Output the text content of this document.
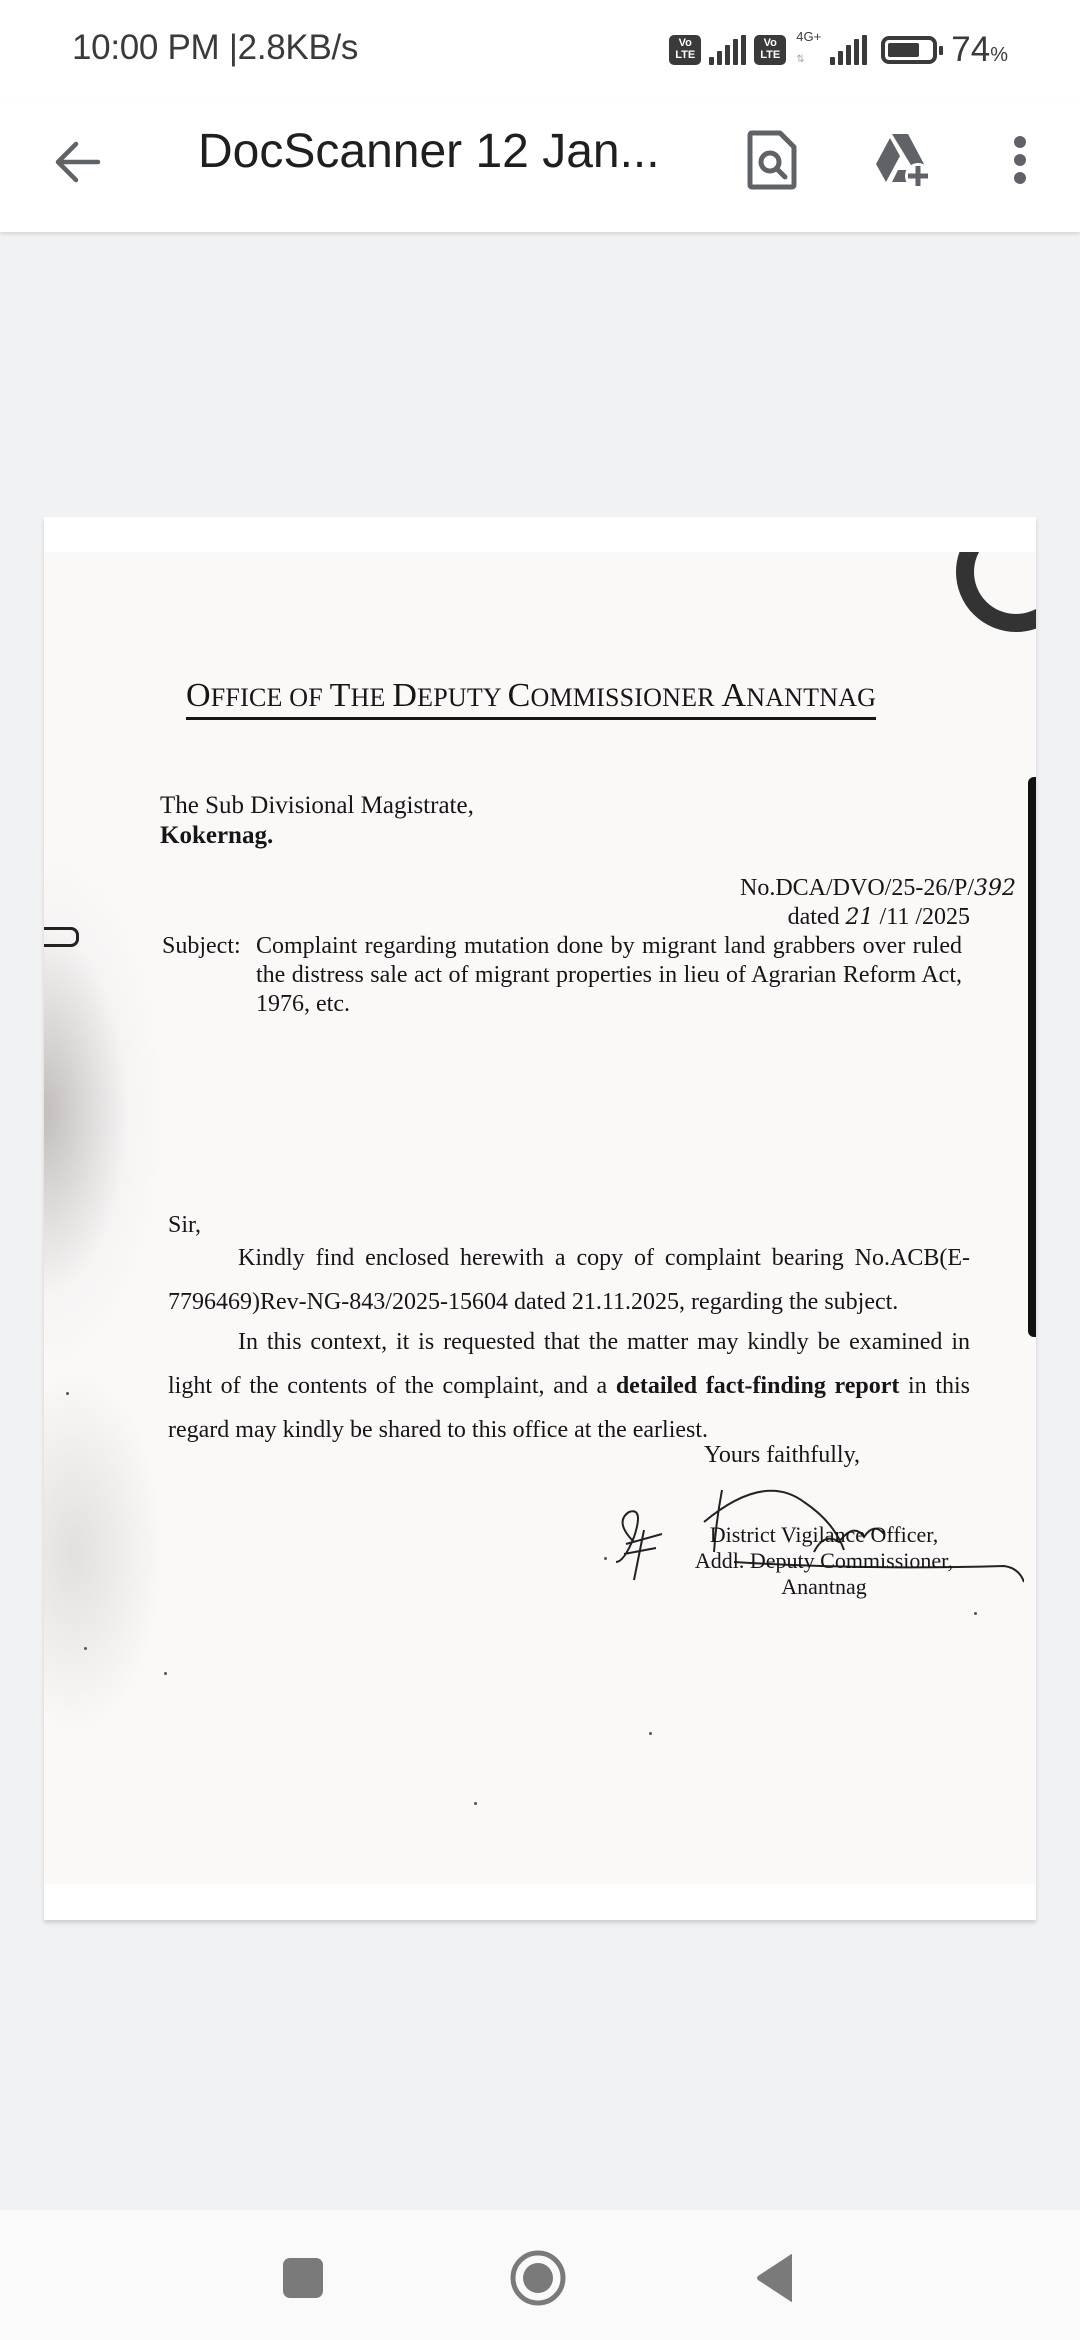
10:00 PM |2.8KB/s	Vo
LTE
Vo
LTE
4G+
⇅	74%
DocScanner 12 Jan...
OFFICE OF THE DEPUTY COMMISSIONER ANANTNAG
The Sub Divisional Magistrate,
Kokernag.
No.DCA/DVO/25-26/P/392
dated 21 /11 /2025
Subject: Complaint regarding mutation done by migrant land grabbers over ruled the distress sale act of migrant properties in lieu of Agrarian Reform Act, 1976, etc.
Sir,
Kindly find enclosed herewith a copy of complaint bearing No.ACB(E-7796469)Rev-NG-843/2025-15604 dated 21.11.2025, regarding the subject.
In this context, it is requested that the matter may kindly be examined in light of the contents of the complaint, and a detailed fact-finding report in this regard may kindly be shared to this office at the earliest.
Yours faithfully,
District Vigilance Officer,
Addl. Deputy Commissioner,
Anantnag
